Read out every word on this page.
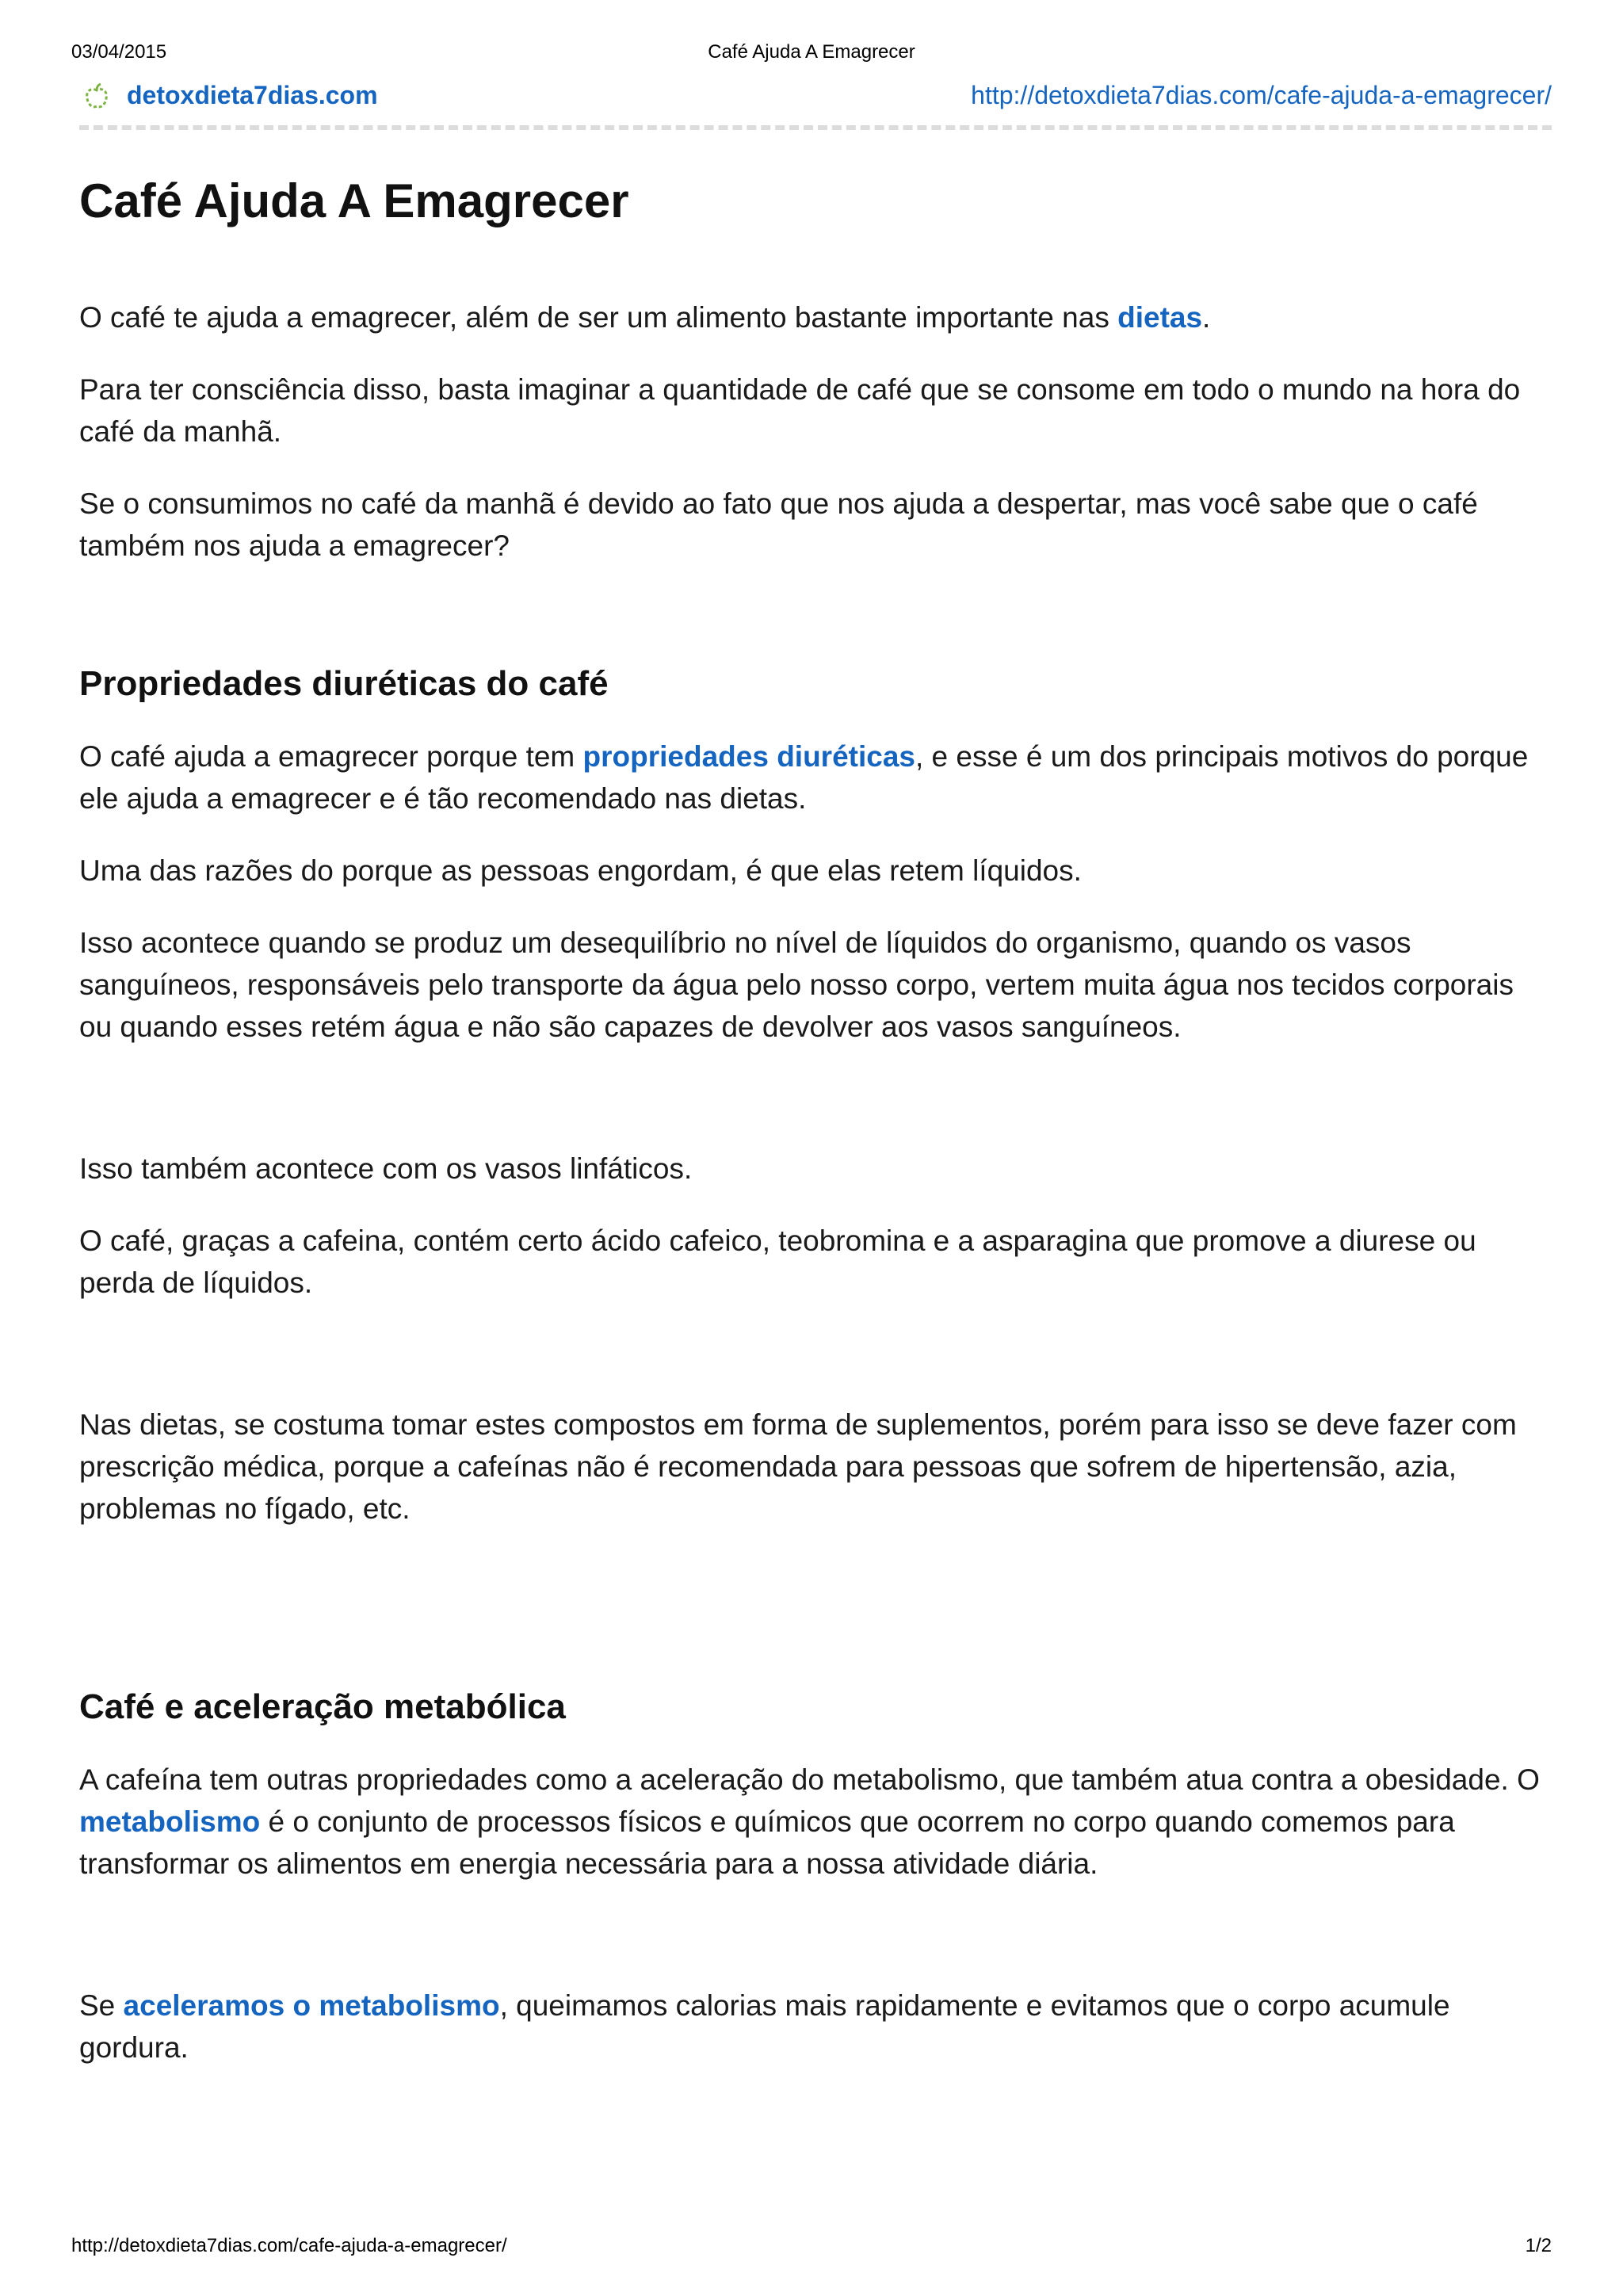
03/04/2015	Café Ajuda A Emagrecer
detoxdieta7dias.com	http://detoxdieta7dias.com/cafe-ajuda-a-emagrecer/
Café Ajuda A Emagrecer

O café te ajuda a emagrecer, além de ser um alimento bastante importante nas dietas.

Para ter consciência disso, basta imaginar a quantidade de café que se consome em todo o mundo na hora do café da manhã.

Se o consumimos no café da manhã é devido ao fato que nos ajuda a despertar, mas você sabe que o café também nos ajuda a emagrecer?

Propriedades diuréticas do café

O café ajuda a emagrecer porque tem propriedades diuréticas, e esse é um dos principais motivos do porque ele ajuda a emagrecer e é tão recomendado nas dietas.

Uma das razões do porque as pessoas engordam, é que elas retem líquidos.

Isso acontece quando se produz um desequilíbrio no nível de líquidos do organismo, quando os vasos sanguíneos, responsáveis pelo transporte da água pelo nosso corpo, vertem muita água nos tecidos corporais ou quando esses retém água e não são capazes de devolver aos vasos sanguíneos.

Isso também acontece com os vasos linfáticos.

O café, graças a cafeina, contém certo ácido cafeico, teobromina e a asparagina que promove a diurese ou perda de líquidos.

Nas dietas, se costuma tomar estes compostos em forma de suplementos, porém para isso se deve fazer com prescrição médica, porque a cafeínas não é recomendada para pessoas que sofrem de hipertensão, azia, problemas no fígado, etc.

Café e aceleração metabólica

A cafeína tem outras propriedades como a aceleração do metabolismo, que também atua contra a obesidade. O metabolismo é o conjunto de processos físicos e químicos que ocorrem no corpo quando comemos para transformar os alimentos em energia necessária para a nossa atividade diária.

Se aceleramos o metabolismo, queimamos calorias mais rapidamente e evitamos que o corpo acumule gordura.

http://detoxdieta7dias.com/cafe-ajuda-a-emagrecer/	1/2
